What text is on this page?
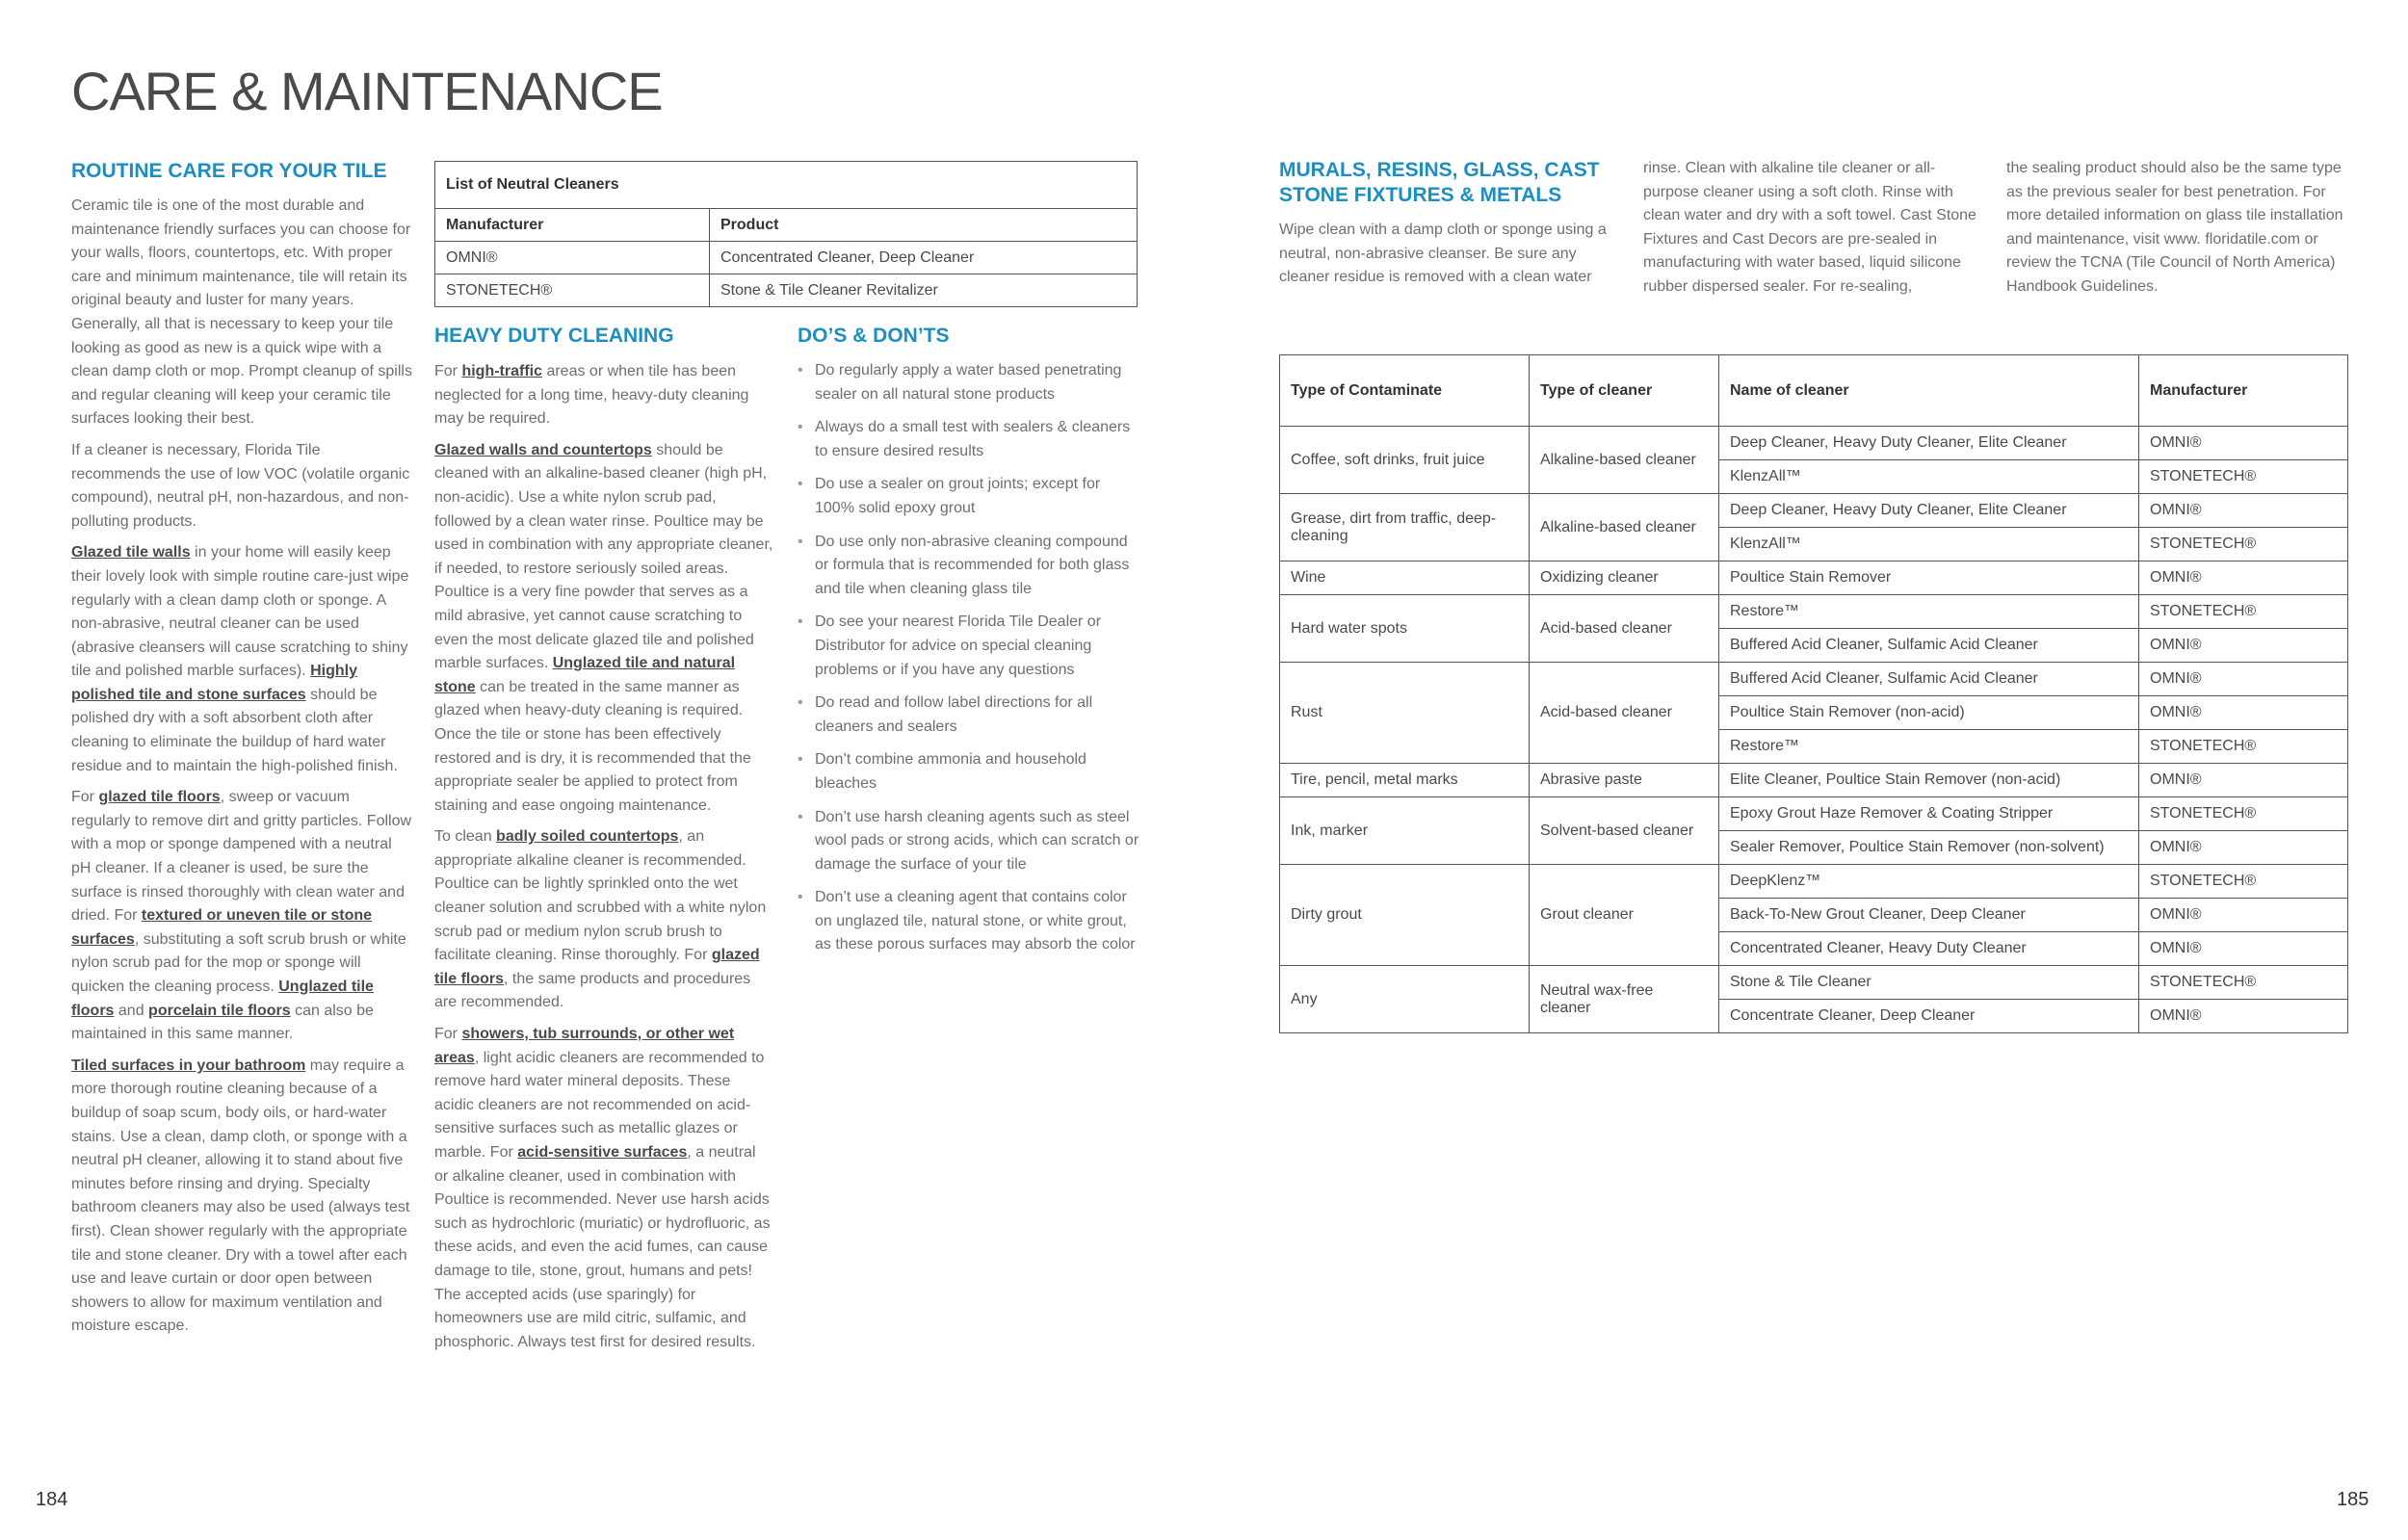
CARE & MAINTENANCE
ROUTINE CARE FOR YOUR TILE

Ceramic tile is one of the most durable and maintenance friendly surfaces you can choose for your walls, floors, countertops, etc. With proper care and minimum maintenance, tile will retain its original beauty and luster for many years. Generally, all that is necessary to keep your tile looking as good as new is a quick wipe with a clean damp cloth or mop. Prompt cleanup of spills and regular cleaning will keep your ceramic tile surfaces looking their best.

If a cleaner is necessary, Florida Tile recommends the use of low VOC (volatile organic compound), neutral pH, non-hazardous, and non-polluting products.

Glazed tile walls in your home will easily keep their lovely look with simple routine care-just wipe regularly with a clean damp cloth or sponge. A non-abrasive, neutral cleaner can be used (abrasive cleansers will cause scratching to shiny tile and polished marble surfaces). Highly polished tile and stone surfaces should be polished dry with a soft absorbent cloth after cleaning to eliminate the buildup of hard water residue and to maintain the high-polished finish.

For glazed tile floors, sweep or vacuum regularly to remove dirt and gritty particles. Follow with a mop or sponge dampened with a neutral pH cleaner. If a cleaner is used, be sure the surface is rinsed thoroughly with clean water and dried. For textured or uneven tile or stone surfaces, substituting a soft scrub brush or white nylon scrub pad for the mop or sponge will quicken the cleaning process. Unglazed tile floors and porcelain tile floors can also be maintained in this same manner.

Tiled surfaces in your bathroom may require a more thorough routine cleaning because of a buildup of soap scum, body oils, or hard-water stains. Use a clean, damp cloth, or sponge with a neutral pH cleaner, allowing it to stand about five minutes before rinsing and drying. Specialty bathroom cleaners may also be used (always test first). Clean shower regularly with the appropriate tile and stone cleaner. Dry with a towel after each use and leave curtain or door open between showers to allow for maximum ventilation and moisture escape.

List of Neutral Cleaners	
Manufacturer	Product
OMNI®	Concentrated Cleaner, Deep Cleaner
STONETECH®	Stone & Tile Cleaner Revitalizer
HEAVY DUTY CLEANING

For high-traffic areas or when tile has been neglected for a long time, heavy-duty cleaning may be required.

Glazed walls and countertops should be cleaned with an alkaline-based cleaner (high pH, non-acidic). Use a white nylon scrub pad, followed by a clean water rinse. Poultice may be used in combination with any appropriate cleaner, if needed, to restore seriously soiled areas. Poultice is a very fine powder that serves as a mild abrasive, yet cannot cause scratching to even the most delicate glazed tile and polished marble surfaces. Unglazed tile and natural stone can be treated in the same manner as glazed when heavy-duty cleaning is required. Once the tile or stone has been effectively restored and is dry, it is recommended that the appropriate sealer be applied to protect from staining and ease ongoing maintenance.

To clean badly soiled countertops, an appropriate alkaline cleaner is recommended. Poultice can be lightly sprinkled onto the wet cleaner solution and scrubbed with a white nylon scrub pad or medium nylon scrub brush to facilitate cleaning. Rinse thoroughly. For glazed tile floors, the same products and procedures are recommended.

For showers, tub surrounds, or other wet areas, light acidic cleaners are recommended to remove hard water mineral deposits. These acidic cleaners are not recommended on acid-sensitive surfaces such as metallic glazes or marble. For acid-sensitive surfaces, a neutral or alkaline cleaner, used in combination with Poultice is recommended. Never use harsh acids such as hydrochloric (muriatic) or hydrofluoric, as these acids, and even the acid fumes, can cause damage to tile, stone, grout, humans and pets! The accepted acids (use sparingly) for homeowners use are mild citric, sulfamic, and phosphoric. Always test first for desired results.

DO’S & DON’TS
• Do regularly apply a water based penetrating sealer on all natural stone products
• Always do a small test with sealers & cleaners to ensure desired results
• Do use a sealer on grout joints; except for 100% solid epoxy grout
• Do use only non-abrasive cleaning compound or formula that is recommended for both glass and tile when cleaning glass tile
• Do see your nearest Florida Tile Dealer or Distributor for advice on special cleaning problems or if you have any questions
• Do read and follow label directions for all cleaners and sealers
• Don’t combine ammonia and household bleaches
• Don’t use harsh cleaning agents such as steel wool pads or strong acids, which can scratch or damage the surface of your tile
• Don’t use a cleaning agent that contains color on unglazed tile, natural stone, or white grout, as these porous surfaces may absorb the color
MURALS, RESINS, GLASS, CAST STONE FIXTURES & METALS
Wipe clean with a damp cloth or sponge using a neutral, non-abrasive cleanser. Be sure any cleaner residue is removed with a clean water
rinse. Clean with alkaline tile cleaner or all-purpose cleaner using a soft cloth. Rinse with clean water and dry with a soft towel. Cast Stone Fixtures and Cast Decors are pre-sealed in manufacturing with water based, liquid silicone rubber dispersed sealer. For re-sealing,
the sealing product should also be the same type as the previous sealer for best penetration. For more detailed information on glass tile installation and maintenance, visit www. floridatile.com or review the TCNA (Tile Council of North America) Handbook Guidelines.
Type of Contaminate	Type of cleaner	Name of cleaner	Manufacturer
Coffee, soft drinks, fruit juice	Alkaline-based cleaner	Deep Cleaner, Heavy Duty Cleaner, Elite Cleaner	OMNI®
		KlenzAll™	STONETECH®
Grease, dirt from traffic, deep-cleaning	Alkaline-based cleaner	Deep Cleaner, Heavy Duty Cleaner, Elite Cleaner	OMNI®
		KlenzAll™	STONETECH®
Wine	Oxidizing cleaner	Poultice Stain Remover	OMNI®
Hard water spots	Acid-based cleaner	Restore™	STONETECH®
		Buffered Acid Cleaner, Sulfamic Acid Cleaner	OMNI®
Rust	Acid-based cleaner	Buffered Acid Cleaner, Sulfamic Acid Cleaner	OMNI®
		Poultice Stain Remover (non-acid)	OMNI®
		Restore™	STONETECH®
Tire, pencil, metal marks	Abrasive paste	Elite Cleaner, Poultice Stain Remover (non-acid)	OMNI®
Ink, marker	Solvent-based cleaner	Epoxy Grout Haze Remover & Coating Stripper	STONETECH®
		Sealer Remover, Poultice Stain Remover (non-solvent)	OMNI®
Dirty grout	Grout cleaner	DeepKlenz™	STONETECH®
		Back-To-New Grout Cleaner, Deep Cleaner	OMNI®
		Concentrated Cleaner, Heavy Duty Cleaner	OMNI®
Any	Neutral wax-free cleaner	Stone & Tile Cleaner	STONETECH®
		Concentrate Cleaner, Deep Cleaner	OMNI®
184	185
